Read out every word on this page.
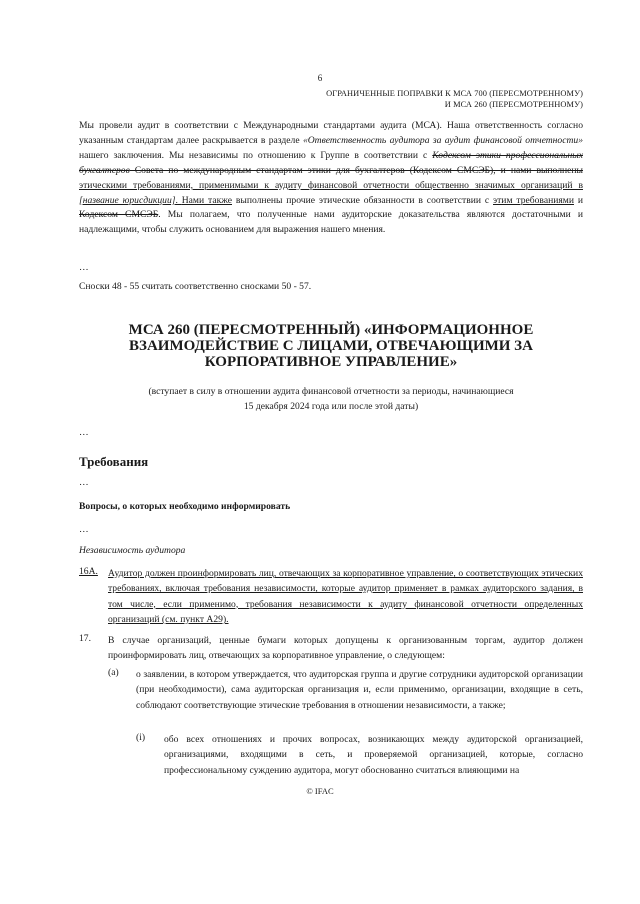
6
ОГРАНИЧЕННЫЕ ПОПРАВКИ К МСА 700 (ПЕРЕСМОТРЕННОМУ)
И МСА 260 (ПЕРЕСМОТРЕННОМУ)
Мы провели аудит в соответствии с Международными стандартами аудита (МСА). Наша ответственность согласно указанным стандартам далее раскрывается в разделе «Ответственность аудитора за аудит финансовой отчетности» нашего заключения. Мы независимы по отношению к Группе в соответствии с Кодексом этики профессиональных бухгалтеров Совета по международным стандартам этики для бухгалтеров (Кодексом СМСЭБ), и нами выполнены этическими требованиями, применимыми к аудиту финансовой отчетности общественно значимых организаций в [название юрисдикции]. Нами также выполнены прочие этические обязанности в соответствии с этим требованиями и Кодексом СМСЭБ. Мы полагаем, что полученные нами аудиторские доказательства являются достаточными и надлежащими, чтобы служить основанием для выражения нашего мнения.
…
Сноски 48 - 55 считать соответственно сносками 50 - 57.
МСА 260 (ПЕРЕСМОТРЕННЫЙ) «ИНФОРМАЦИОННОЕ
ВЗАИМОДЕЙСТВИЕ С ЛИЦАМИ, ОТВЕЧАЮЩИМИ ЗА
КОРПОРАТИВНОЕ УПРАВЛЕНИЕ»
(вступает в силу в отношении аудита финансовой отчетности за периоды, начинающиеся
15 декабря 2024 года или после этой даты)
…
Требования
…
Вопросы, о которых необходимо информировать
…
Независимость аудитора
16A. Аудитор должен проинформировать лиц, отвечающих за корпоративное управление, о соответствующих этических требованиях, включая требования независимости, которые аудитор применяет в рамках аудиторского задания, в том числе, если применимо, требования независимости к аудиту финансовой отчетности определенных организаций (см. пункт A29).
17. В случае организаций, ценные бумаги которых допущены к организованным торгам, аудитор должен проинформировать лиц, отвечающих за корпоративное управление, о следующем:
(a) о заявлении, в котором утверждается, что аудиторская группа и другие сотрудники аудиторской организации (при необходимости), сама аудиторская организация и, если применимо, организации, входящие в сеть, соблюдают соответствующие этические требования в отношении независимости, а также;
(i) обо всех отношениях и прочих вопросах, возникающих между аудиторской организацией, организациями, входящими в сеть, и проверяемой организацией, которые, согласно профессиональному суждению аудитора, могут обоснованно считаться влияющими на
© IFAC
